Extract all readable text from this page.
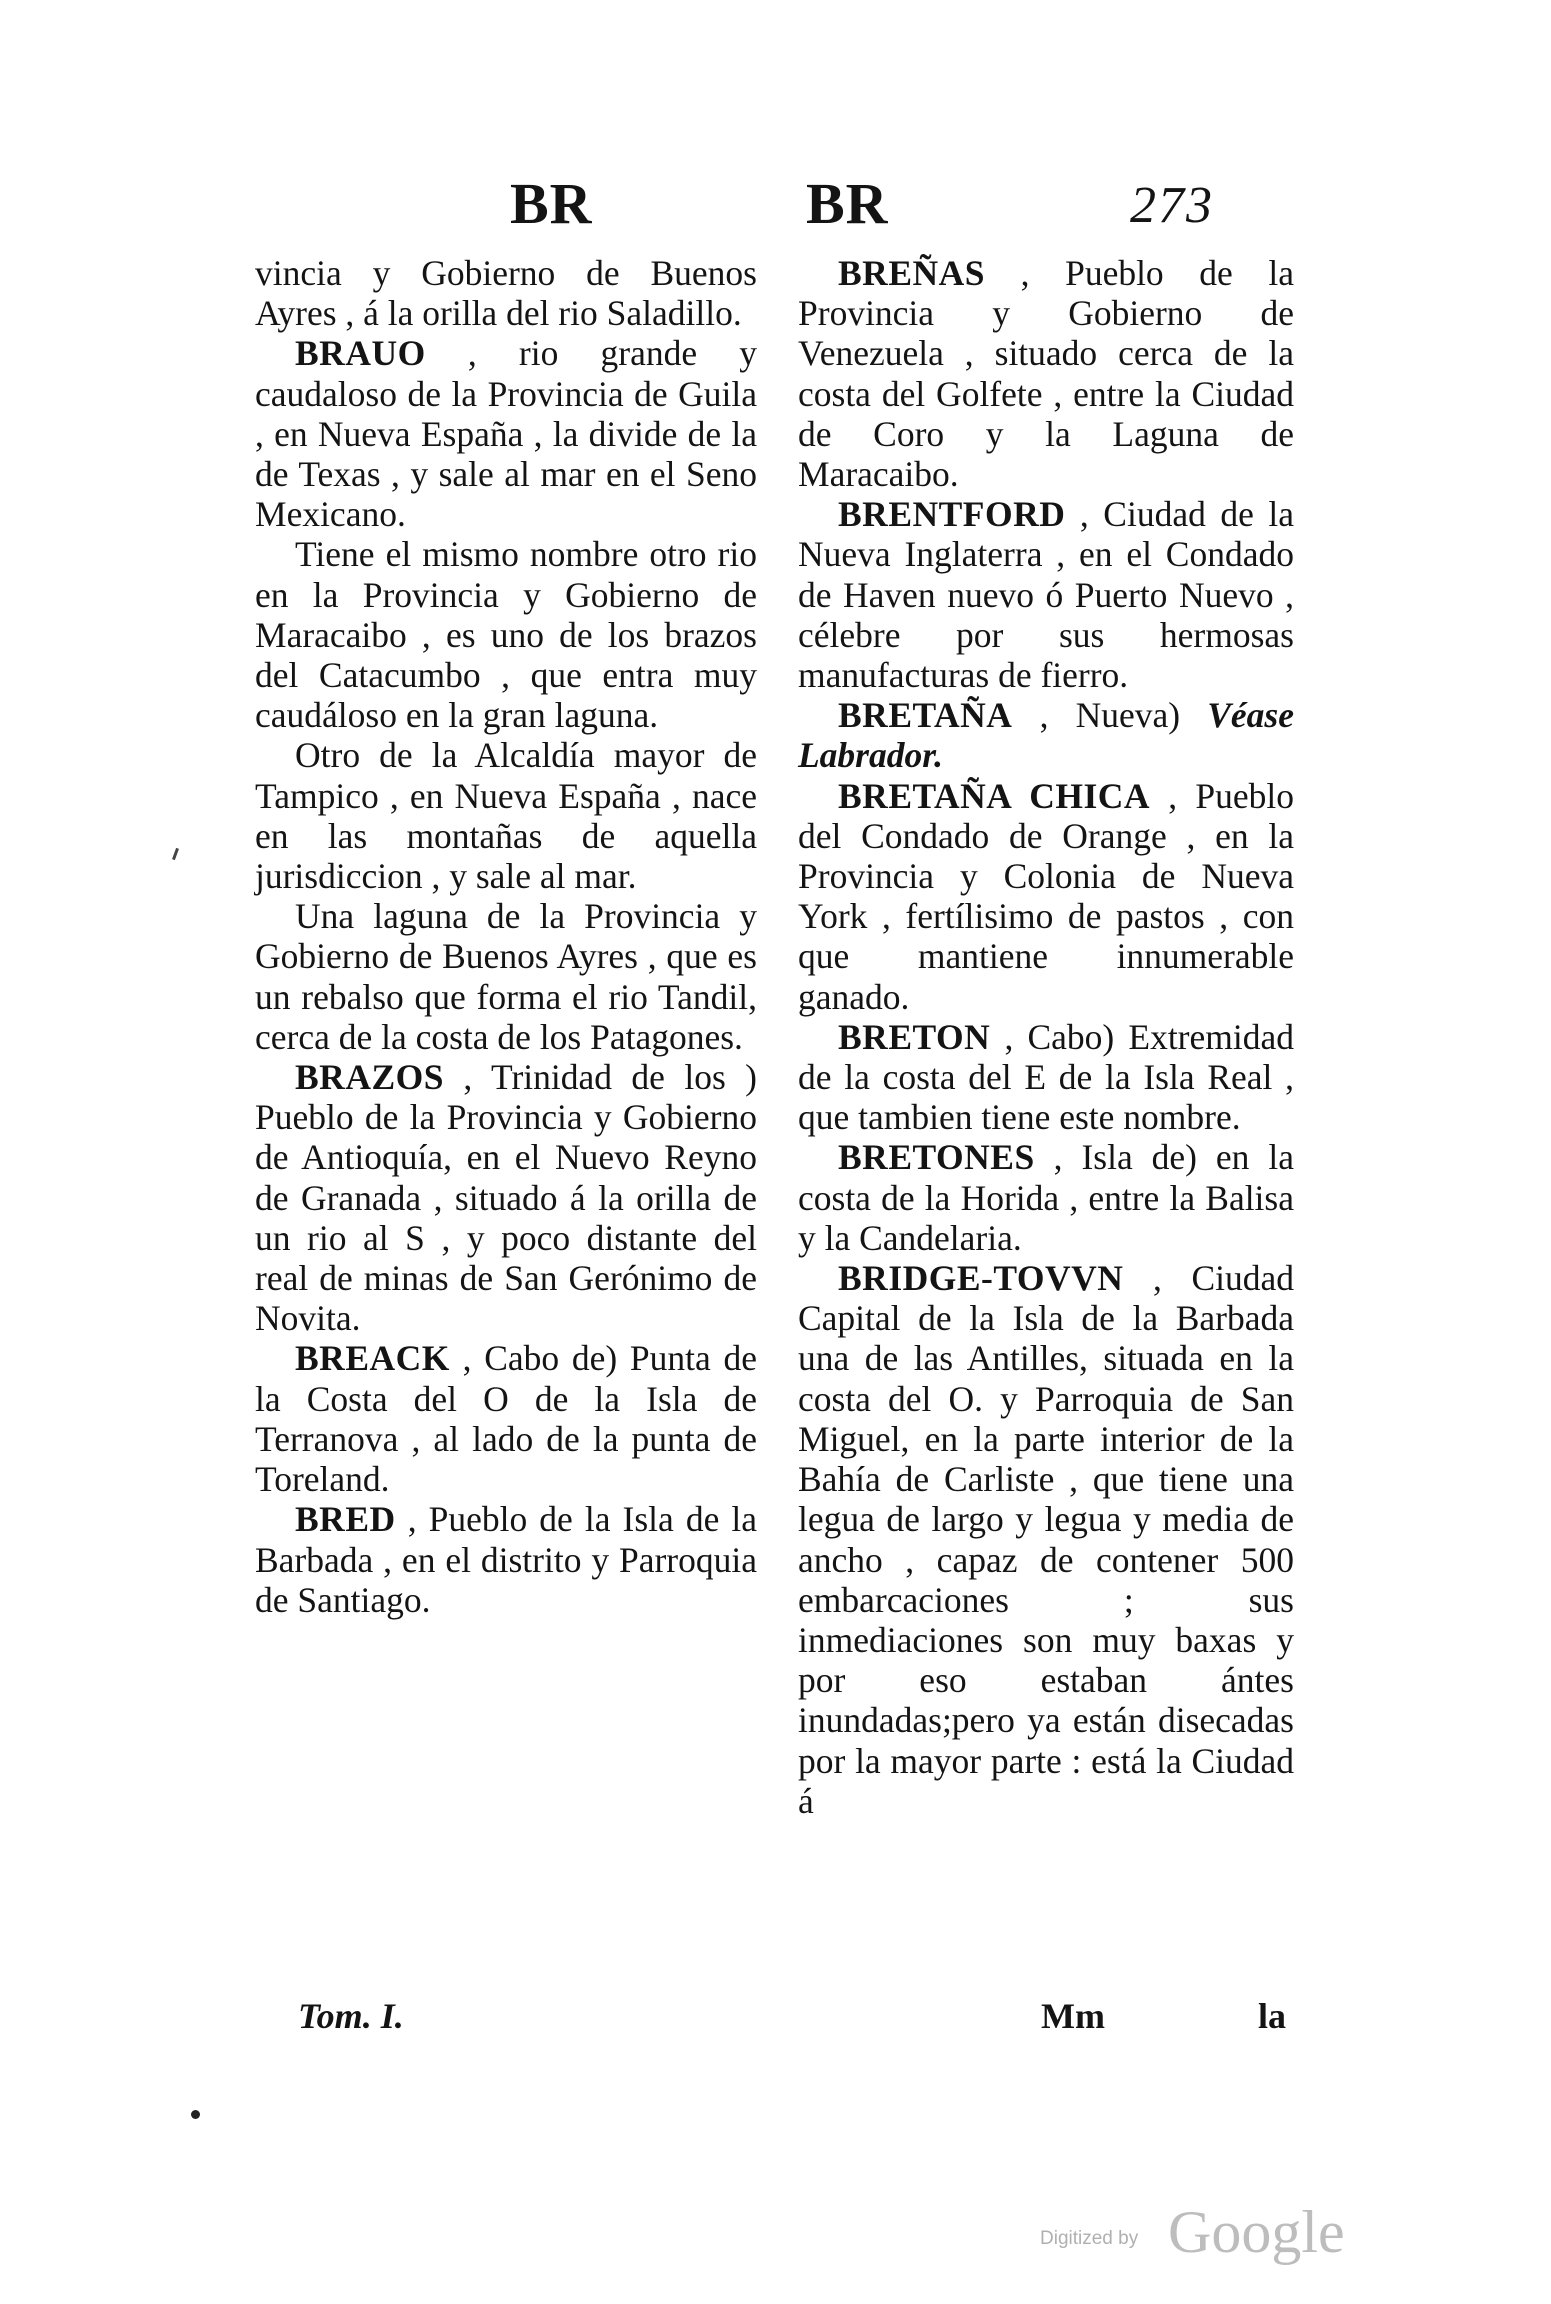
BR	BR	273

vincia y Gobierno de Buenos Ayres , á la orilla del rio Saladillo.

BRAUO , rio grande y caudaloso de la Provincia de Guila , en Nueva España , la divide de la de Texas , y sale al mar en el Seno Mexicano.

Tiene el mismo nombre otro rio en la Provincia y Gobierno de Maracaibo , es uno de los brazos del Catacumbo , que entra muy caudáloso en la gran laguna.

Otro de la Alcaldía mayor de Tampico , en Nueva España , nace en las montañas de aquella jurisdiccion , y sale al mar.

Una laguna de la Provincia y Gobierno de Buenos Ayres , que es un rebalso que forma el rio Tandil, cerca de la costa de los Patagones.

BRAZOS , Trinidad de los ) Pueblo de la Provincia y Gobierno de Antioquía, en el Nuevo Reyno de Granada , situado á la orilla de un rio al S , y poco distante del real de minas de San Gerónimo de Novita.

BREACK , Cabo de) Punta de la Costa del O de la Isla de Terranova , al lado de la punta de Toreland.

BRED , Pueblo de la Isla de la Barbada , en el distrito y Parroquia de Santiago.

BREÑAS , Pueblo de la Provincia y Gobierno de Venezuela , situado cerca de la costa del Golfete , entre la Ciudad de Coro y la Laguna de Maracaibo.

BRENTFORD , Ciudad de la Nueva Inglaterra , en el Condado de Haven nuevo ó Puerto Nuevo , célebre por sus hermosas manufacturas de fierro.

BRETAÑA , Nueva) Véase Labrador.

BRETAÑA CHICA , Pueblo del Condado de Orange , en la Provincia y Colonia de Nueva York , fertílisimo de pastos , con que mantiene innumerable ganado.

BRETON , Cabo) Extremidad de la costa del E de la Isla Real , que tambien tiene este nombre.

BRETONES , Isla de) en la costa de la Horida , entre la Balisa y la Candelaria.

BRIDGE-TOVVN , Ciudad Capital de la Isla de la Barbada una de las Antilles, situada en la costa del O. y Parroquia de San Miguel, en la parte interior de la Bahía de Carliste , que tiene una legua de largo y legua y media de ancho , capaz de contener 500 embarcaciones ; sus inmediaciones son muy baxas y por eso estaban ántes inundadas;pero ya están disecadas por la mayor parte : está la Ciudad á

Tom. I.	Mm	la
Digitized by Google
